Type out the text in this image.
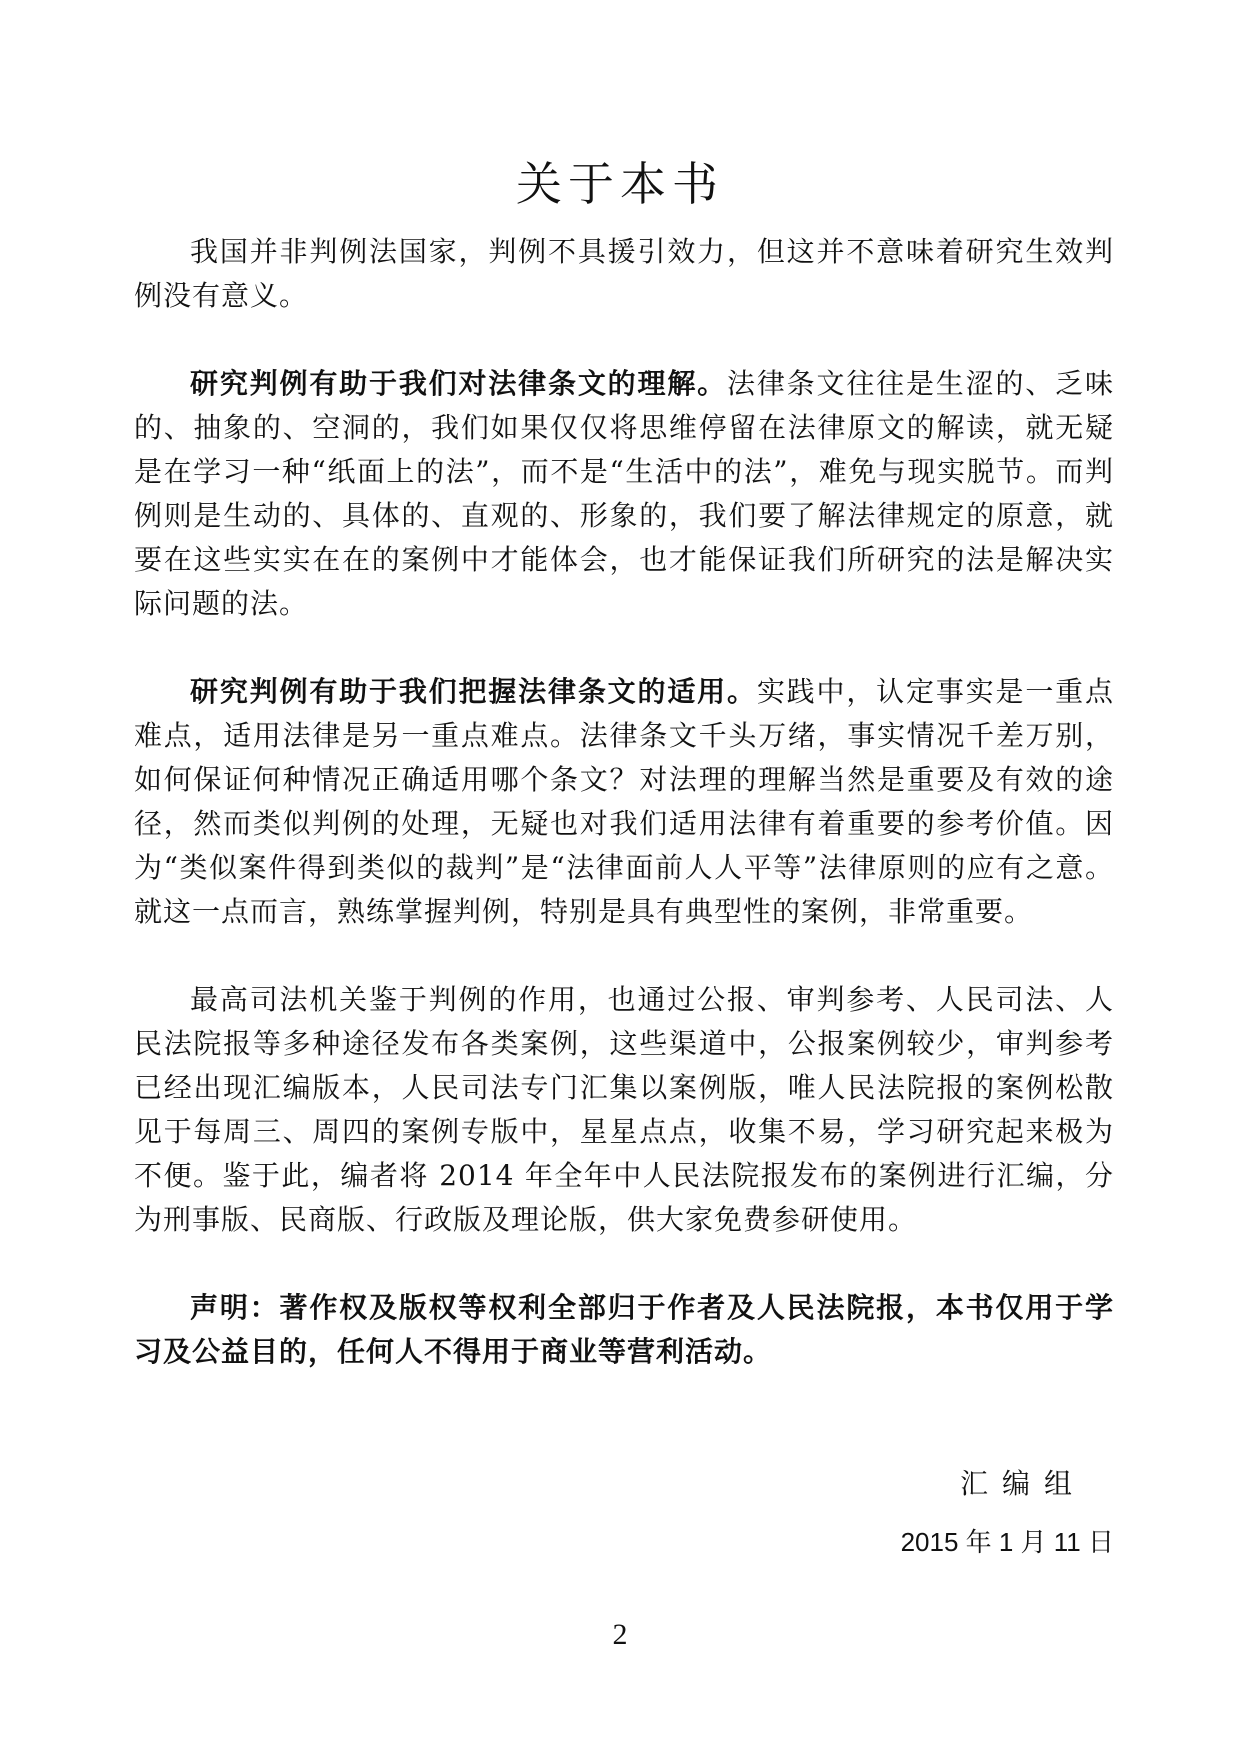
关于本书

我国并非判例法国家，判例不具援引效力，但这并不意味着研究生效判例没有意义。

研究判例有助于我们对法律条文的理解。法律条文往往是生涩的、乏味的、抽象的、空洞的，我们如果仅仅将思维停留在法律原文的解读，就无疑是在学习一种“纸面上的法”，而不是“生活中的法”，难免与现实脱节。而判例则是生动的、具体的、直观的、形象的，我们要了解法律规定的原意，就要在这些实实在在的案例中才能体会，也才能保证我们所研究的法是解决实际问题的法。

研究判例有助于我们把握法律条文的适用。实践中，认定事实是一重点难点，适用法律是另一重点难点。法律条文千头万绪，事实情况千差万别，如何保证何种情况正确适用哪个条文？对法理的理解当然是重要及有效的途径，然而类似判例的处理，无疑也对我们适用法律有着重要的参考价值。因为“类似案件得到类似的裁判”是“法律面前人人平等”法律原则的应有之意。就这一点而言，熟练掌握判例，特别是具有典型性的案例，非常重要。

最高司法机关鉴于判例的作用，也通过公报、审判参考、人民司法、人民法院报等多种途径发布各类案例，这些渠道中，公报案例较少，审判参考已经出现汇编版本，人民司法专门汇集以案例版，唯人民法院报的案例松散见于每周三、周四的案例专版中，星星点点，收集不易，学习研究起来极为不便。鉴于此，编者将 2014 年全年中人民法院报发布的案例进行汇编，分为刑事版、民商版、行政版及理论版，供大家免费参研使用。

声明：著作权及版权等权利全部归于作者及人民法院报，本书仅用于学习及公益目的，任何人不得用于商业等营利活动。

汇编组
2015 年 1 月 11 日
2
